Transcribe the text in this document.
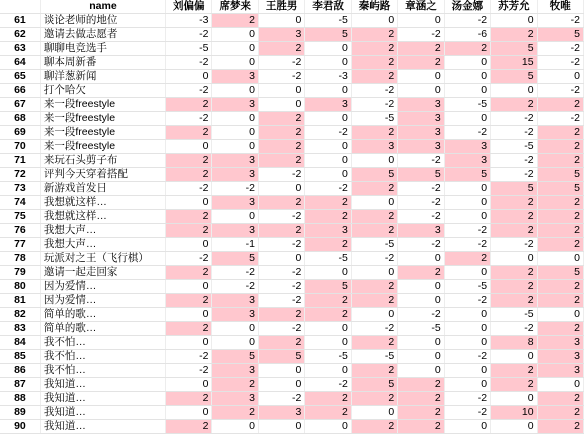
	name	刘偏偏	席梦来	王胜男	李君敌	秦屿路	章涵之	汤金娜	苏芳允	牧唯
61	谈论老师的地位	-3	2	0	-5	0	0	-2	0	-2
62	邀请去做志愿者	-2	0	3	5	2	-2	-6	2	5
63	聊聊电竞选手	-5	0	2	0	2	2	2	5	-2
64	聊本周新番	-2	0	-2	0	2	2	0	15	-2
65	聊洋葱新闻	0	3	-2	-3	2	0	0	5	0
66	打个哈欠	-2	0	0	0	-2	0	0	0	-2
67	来一段freestyle	2	3	0	3	-2	3	-5	2	2
68	来一段freestyle	-2	0	2	0	-5	3	0	-2	-2
69	来一段freestyle	2	0	2	-2	2	3	-2	-2	2
70	来一段freestyle	0	0	2	0	3	3	3	-5	2
71	来玩石头剪子布	2	3	2	0	0	-2	3	-2	2
72	评判今天穿着搭配	2	3	-2	0	5	5	5	-2	5
73	新游戏首发日	-2	-2	0	-2	2	-2	0	5	5
74	我想就这样…	0	3	2	2	0	-2	0	2	2
75	我想就这样…	2	0	-2	2	2	-2	0	2	2
76	我想大声…	2	3	2	3	2	3	-2	2	2
77	我想大声…	0	-1	-2	2	-5	-2	-2	-2	2
78	玩派对之王（飞行棋）	-2	5	0	-5	-2	0	2	0	0
79	邀请一起走回家	2	-2	-2	0	0	2	0	2	5
80	因为爱情…	0	-2	-2	5	2	0	-5	2	2
81	因为爱情…	2	3	-2	2	2	0	-2	2	2
82	简单的歌…	0	3	2	2	0	-2	0	-5	0
83	简单的歌…	2	0	-2	0	-2	-5	0	-2	2
84	我不怕…	0	0	2	0	2	0	0	8	3
85	我不怕…	-2	5	5	-5	-5	0	-2	0	3
86	我不怕…	-2	3	0	0	2	0	0	2	3
87	我知道…	0	2	0	-2	5	2	0	2	0
88	我知道…	2	3	-2	2	2	2	-2	0	2
89	我知道…	0	2	3	2	0	2	-2	10	2
90	我知道…	2	0	0	0	2	2	0	0	2
